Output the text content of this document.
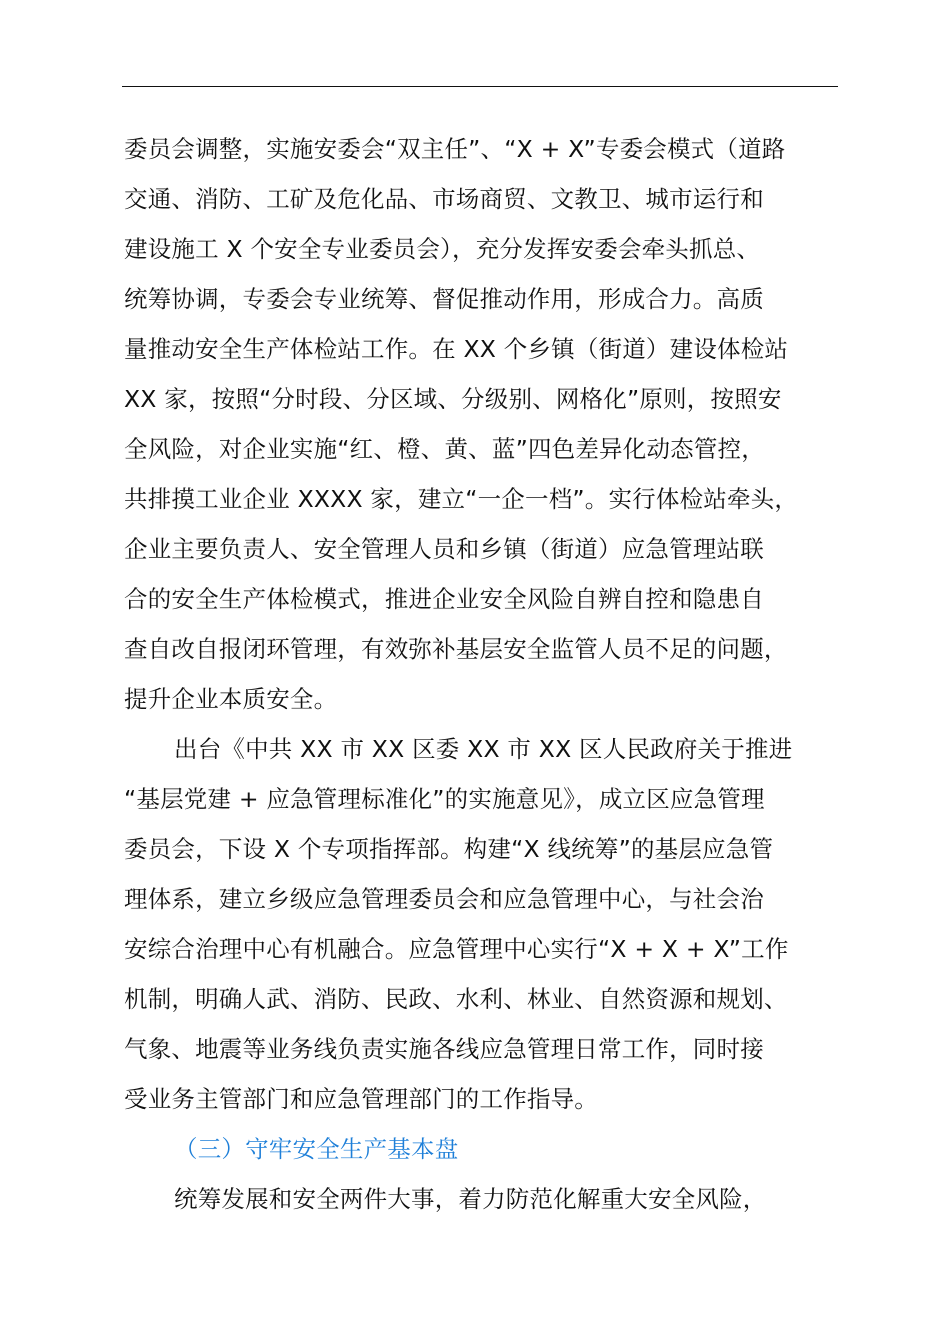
委员会调整，实施安委会“双主任”、“X + X”专委会模式（道路
交通、消防、工矿及危化品、市场商贸、文教卫、城市运行和
建设施工 X 个安全专业委员会），充分发挥安委会牵头抓总、
统筹协调，专委会专业统筹、督促推动作用，形成合力。高质
量推动安全生产体检站工作。在 XX 个乡镇（街道）建设体检站
XX 家，按照“分时段、分区域、分级别、网格化”原则，按照安
全风险，对企业实施“红、橙、黄、蓝”四色差异化动态管控，
共排摸工业企业 XXXX 家，建立“一企一档”。实行体检站牵头，
企业主要负责人、安全管理人员和乡镇（街道）应急管理站联
合的安全生产体检模式，推进企业安全风险自辨自控和隐患自
查自改自报闭环管理，有效弥补基层安全监管人员不足的问题，
提升企业本质安全。
出台《中共 XX 市 XX 区委 XX 市 XX 区人民政府关于推进
“基层党建 + 应急管理标准化”的实施意见》，成立区应急管理
委员会，下设 X 个专项指挥部。构建“X 线统筹”的基层应急管
理体系，建立乡级应急管理委员会和应急管理中心，与社会治
安综合治理中心有机融合。应急管理中心实行“X + X + X”工作
机制，明确人武、消防、民政、水利、林业、自然资源和规划、
气象、地震等业务线负责实施各线应急管理日常工作，同时接
受业务主管部门和应急管理部门的工作指导。
（三）守牢安全生产基本盘
统筹发展和安全两件大事，着力防范化解重大安全风险，
